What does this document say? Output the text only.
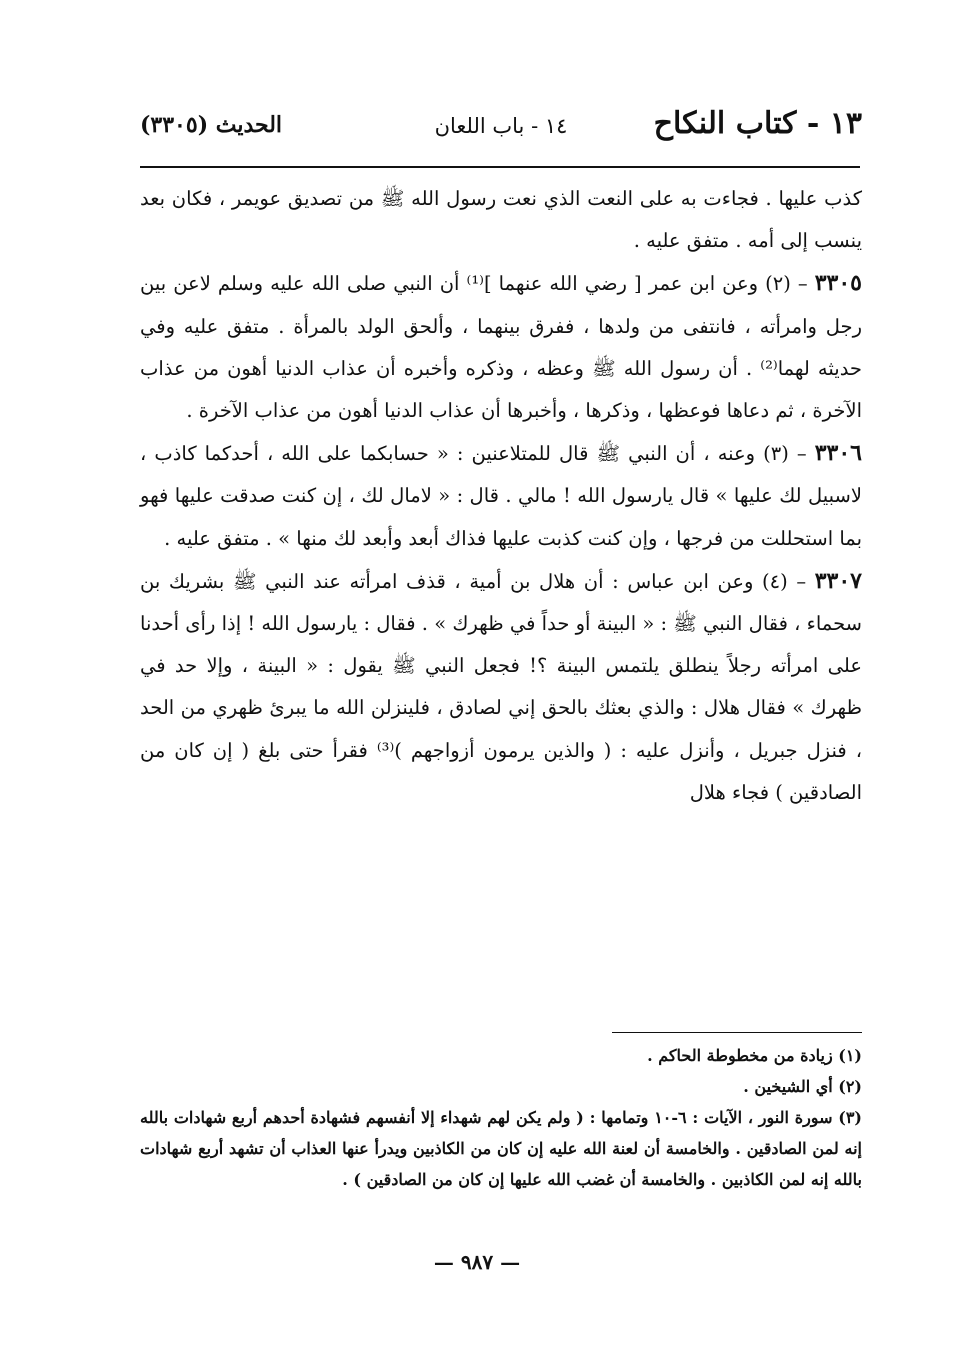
١٣ - كتاب النكاح
١٤ - باب اللعان
الحديث (٣٣٠٥)

كذب عليها . فجاءت به على النعت الذي نعت رسول الله ﷺ من تصديق عويمر ، فكان بعد ينسب إلى أمه . متفق عليه .

٣٣٠٥ – (٢) وعن ابن عمر [ رضي الله عنهما ]⁽¹⁾ أن النبي صلى الله عليه وسلم لاعن بين رجل وامرأته ، فانتفى من ولدها ، ففرق بينهما ، وألحق الولد بالمرأة . متفق عليه وفي حديثه لهما⁽²⁾ . أن رسول الله ﷺ وعظه ، وذكره وأخبره أن عذاب الدنيا أهون من عذاب الآخرة ، ثم دعاها فوعظها ، وذكرها ، وأخبرها أن عذاب الدنيا أهون من عذاب الآخرة .

٣٣٠٦ – (٣) وعنه ، أن النبي ﷺ قال للمتلاعنين : « حسابكما على الله ، أحدكما كاذب ، لاسبيل لك عليها » قال يارسول الله ! مالي . قال : « لامال لك ، إن كنت صدقت عليها فهو بما استحللت من فرجها ، وإن كنت كذبت عليها فذاك أبعد وأبعد لك منها » . متفق عليه .

٣٣٠٧ – (٤) وعن ابن عباس : أن هلال بن أمية ، قذف امرأته عند النبي ﷺ بشريك بن سحماء ، فقال النبي ﷺ : « البينة أو حداً في ظهرك » . فقال : يارسول الله ! إذا رأى أحدنا على امرأته رجلاً ينطلق يلتمس البينة ؟! فجعل النبي ﷺ يقول : « البينة ، وإلا حد في ظهرك » فقال هلال : والذي بعثك بالحق إني لصادق ، فلينزلن الله ما يبرئ ظهري من الحد ، فنزل جبريل ، وأنزل عليه : ( والذين يرمون أزواجهم )⁽³⁾ فقرأ حتى بلغ ( إن كان من الصادقين ) فجاء هلال

(١) زيادة من مخطوطة الحاكم .

(٢) أي الشيخين .

(٣) سورة النور ، الآيات : ٦-١٠ وتمامها : ( ولم يكن لهم شهداء إلا أنفسهم فشهادة أحدهم أربع شهادات بالله إنه لمن الصادقين . والخامسة أن لعنة الله عليه إن كان من الكاذبين ويدرأ عنها العذاب أن تشهد أربع شهادات بالله إنه لمن الكاذبين . والخامسة أن غضب الله عليها إن كان من الصادقين ) .

— ٩٨٧ —
